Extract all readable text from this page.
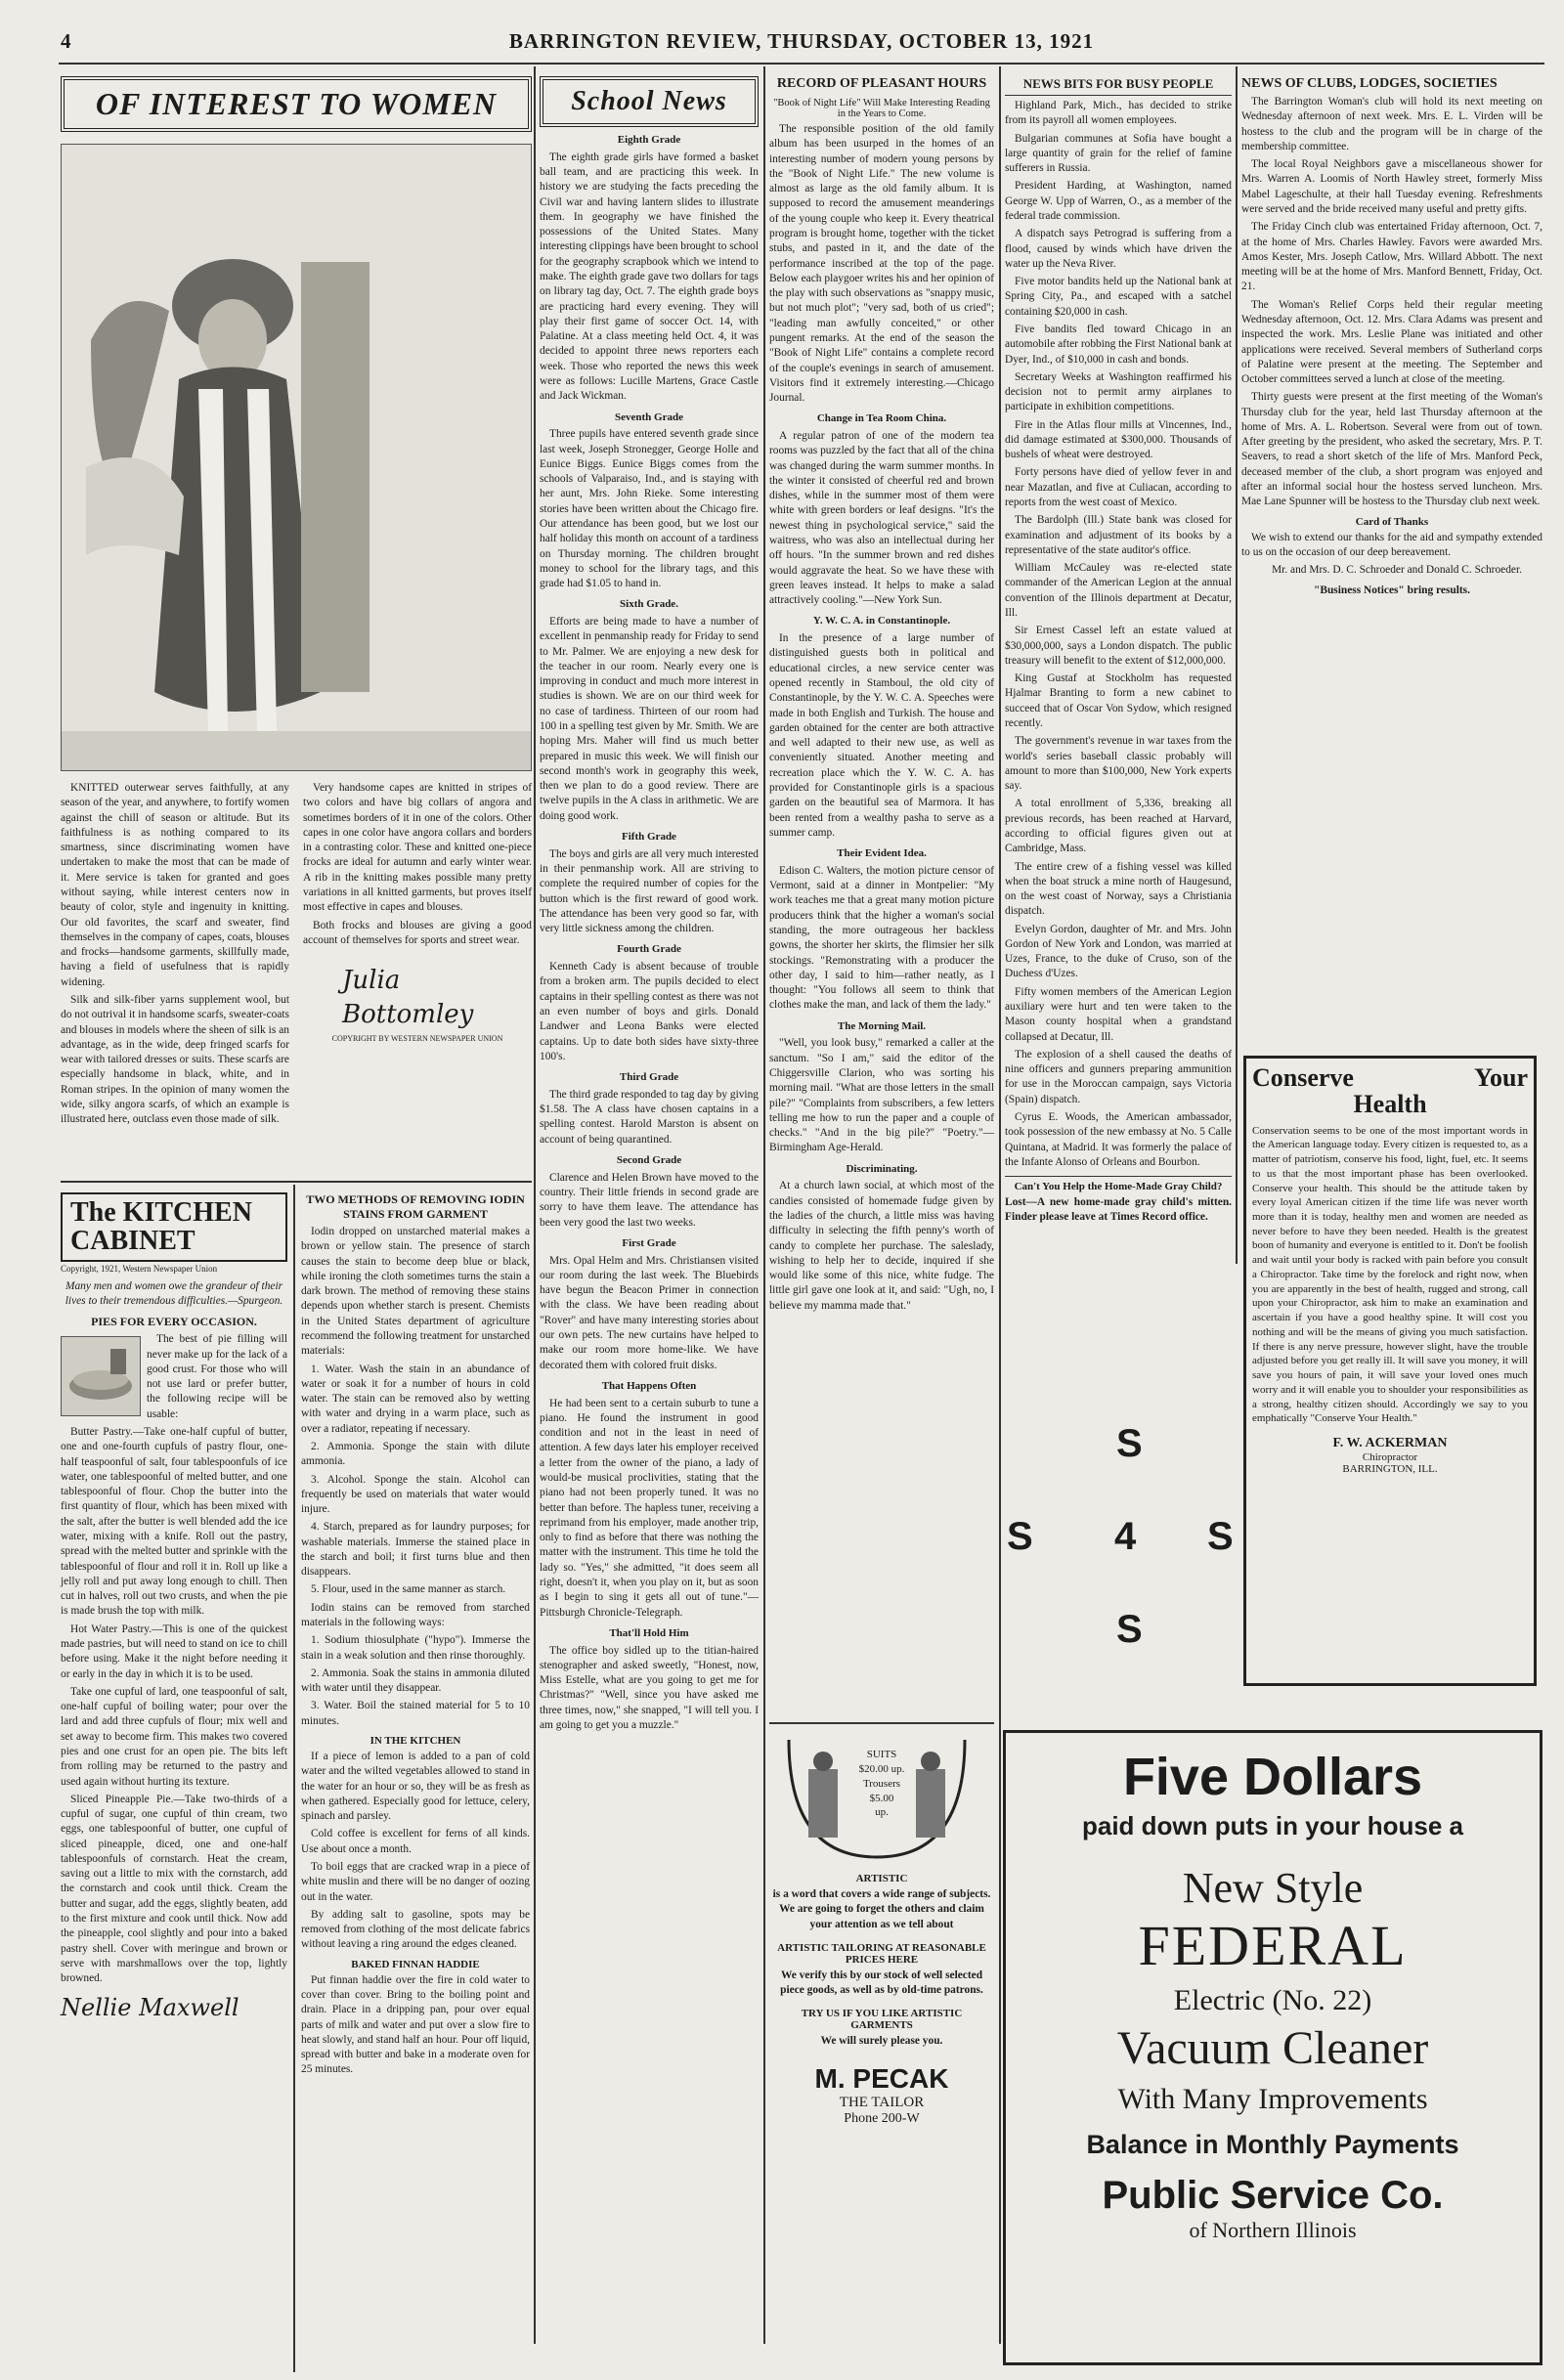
4	BARRINGTON REVIEW, THURSDAY, OCTOBER 13, 1921
OF INTEREST TO WOMEN

KNITTED outerwear serves faithfully, at any season of the year, and anywhere, to fortify women against the chill of season or altitude. But its faithfulness is as nothing compared to its smartness, since discriminating women have undertaken to make the most that can be made of it. Mere service is taken for granted and goes without saying, while interest centers now in beauty of color, style and ingenuity in knitting. Our old favorites, the scarf and sweater, find themselves in the company of capes, coats, blouses and frocks—handsome garments, skillfully made, having a field of usefulness that is rapidly widening.

Silk and silk-fiber yarns supplement wool, but do not outrival it in handsome scarfs, sweater-coats and blouses in models where the sheen of silk is an advantage, as in the wide, deep fringed scarfs for wear with tailored dresses or suits. These scarfs are especially handsome in black, white, and in Roman stripes. In the opinion of many women the wide, silky angora scarfs, of which an example is illustrated here, outclass even those made of silk.

Very handsome capes are knitted in stripes of two colors and have big collars of angora and sometimes borders of it in one of the colors. Other capes in one color have angora collars and borders in a contrasting color. These and knitted one-piece frocks are ideal for autumn and early winter wear. A rib in the knitting makes possible many pretty variations in all knitted garments, but proves itself most effective in capes and blouses.

Both frocks and blouses are giving a good account of themselves for sports and street wear.

Julia Bottomley
COPYRIGHT BY WESTERN NEWSPAPER UNION
The KITCHEN
CABINET
Copyright, 1921, Western Newspaper Union
Many men and women owe the grandeur of their lives to their tremendous difficulties.—Spurgeon.
PIES FOR EVERY OCCASION.

The best of pie filling will never make up for the lack of a good crust. For those who will not use lard or prefer butter, the following recipe will be usable:

Butter Pastry.—Take one-half cupful of butter, one and one-fourth cupfuls of pastry flour, one-half teaspoonful of salt, four tablespoonfuls of ice water, one tablespoonful of melted butter, and one tablespoonful of flour. Chop the butter into the first quantity of flour, which has been mixed with the salt, after the butter is well blended add the ice water, mixing with a knife. Roll out the pastry, spread with the melted butter and sprinkle with the tablespoonful of flour and roll it in. Roll up like a jelly roll and put away long enough to chill. Then cut in halves, roll out two crusts, and when the pie is made brush the top with milk.

Hot Water Pastry.—This is one of the quickest made pastries, but will need to stand on ice to chill before using. Make it the night before needing it or early in the day in which it is to be used.

Take one cupful of lard, one teaspoonful of salt, one-half cupful of boiling water; pour over the lard and add three cupfuls of flour; mix well and set away to become firm. This makes two covered pies and one crust for an open pie. The bits left from rolling may be returned to the pastry and used again without hurting its texture.

Sliced Pineapple Pie.—Take two-thirds of a cupful of sugar, one cupful of thin cream, two eggs, one tablespoonful of butter, one cupful of sliced pineapple, diced, one and one-half tablespoonfuls of cornstarch. Heat the cream, saving out a little to mix with the cornstarch, add the cornstarch and cook until thick. Cream the butter and sugar, add the eggs, slightly beaten, add to the first mixture and cook until thick. Now add the pineapple, cool slightly and pour into a baked pastry shell. Cover with meringue and brown or serve with marshmallows over the top, lightly browned.

Nellie Maxwell
TWO METHODS OF REMOVING IODIN STAINS FROM GARMENT

Iodin dropped on unstarched material makes a brown or yellow stain. The presence of starch causes the stain to become deep blue or black, while ironing the cloth sometimes turns the stain a dark brown. The method of removing these stains depends upon whether starch is present. Chemists in the United States department of agriculture recommend the following treatment for unstarched materials:

1. Water. Wash the stain in an abundance of water or soak it for a number of hours in cold water. The stain can be removed also by wetting with water and drying in a warm place, such as over a radiator, repeating if necessary.

2. Ammonia. Sponge the stain with dilute ammonia.

3. Alcohol. Sponge the stain. Alcohol can frequently be used on materials that water would injure.

4. Starch, prepared as for laundry purposes; for washable materials. Immerse the stained place in the starch and boil; it first turns blue and then disappears.

5. Flour, used in the same manner as starch.

Iodin stains can be removed from starched materials in the following ways:

1. Sodium thiosulphate ("hypo"). Immerse the stain in a weak solution and then rinse thoroughly.

2. Ammonia. Soak the stains in ammonia diluted with water until they disappear.

3. Water. Boil the stained material for 5 to 10 minutes.

IN THE KITCHEN

If a piece of lemon is added to a pan of cold water and the wilted vegetables allowed to stand in the water for an hour or so, they will be as fresh as when gathered. Especially good for lettuce, celery, spinach and parsley.

Cold coffee is excellent for ferns of all kinds. Use about once a month.

To boil eggs that are cracked wrap in a piece of white muslin and there will be no danger of oozing out in the water.

By adding salt to gasoline, spots may be removed from clothing of the most delicate fabrics without leaving a ring around the edges cleaned.

BAKED FINNAN HADDIE

Put finnan haddie over the fire in cold water to cover than cover. Bring to the boiling point and drain. Place in a dripping pan, pour over equal parts of milk and water and put over a slow fire to heat slowly, and stand half an hour. Pour off liquid, spread with butter and bake in a moderate oven for 25 minutes.

School News
Eighth Grade

The eighth grade girls have formed a basket ball team, and are practicing this week. In history we are studying the facts preceding the Civil war and having lantern slides to illustrate them. In geography we have finished the possessions of the United States. Many interesting clippings have been brought to school for the geography scrapbook which we intend to make. The eighth grade gave two dollars for tags on library tag day, Oct. 7. The eighth grade boys are practicing hard every evening. They will play their first game of soccer Oct. 14, with Palatine. At a class meeting held Oct. 4, it was decided to appoint three news reporters each week. Those who reported the news this week were as follows: Lucille Martens, Grace Castle and Jack Wickman.

Seventh Grade

Three pupils have entered seventh grade since last week, Joseph Stronegger, George Holle and Eunice Biggs. Eunice Biggs comes from the schools of Valparaiso, Ind., and is staying with her aunt, Mrs. John Rieke. Some interesting stories have been written about the Chicago fire. Our attendance has been good, but we lost our half holiday this month on account of a tardiness on Thursday morning. The children brought money to school for the library tags, and this grade had $1.05 to hand in.

Sixth Grade.

Efforts are being made to have a number of excellent in penmanship ready for Friday to send to Mr. Palmer. We are enjoying a new desk for the teacher in our room. Nearly every one is improving in conduct and much more interest in studies is shown. We are on our third week for no case of tardiness. Thirteen of our room had 100 in a spelling test given by Mr. Smith. We are hoping Mrs. Maher will find us much better prepared in music this week. We will finish our second month's work in geography this week, then we plan to do a good review. There are twelve pupils in the A class in arithmetic. We are doing good work.

Fifth Grade

The boys and girls are all very much interested in their penmanship work. All are striving to complete the required number of copies for the button which is the first reward of good work. The attendance has been very good so far, with very little sickness among the children.

Fourth Grade

Kenneth Cady is absent because of trouble from a broken arm. The pupils decided to elect captains in their spelling contest as there was not an even number of boys and girls. Donald Landwer and Leona Banks were elected captains. Up to date both sides have sixty-three 100's.

Third Grade

The third grade responded to tag day by giving $1.58. The A class have chosen captains in a spelling contest. Harold Marston is absent on account of being quarantined.

Second Grade

Clarence and Helen Brown have moved to the country. Their little friends in second grade are sorry to have them leave. The attendance has been very good the last two weeks.

First Grade

Mrs. Opal Helm and Mrs. Christiansen visited our room during the last week. The Bluebirds have begun the Beacon Primer in connection with the class. We have been reading about "Rover" and have many interesting stories about our own pets. The new curtains have helped to make our room more home-like. We have decorated them with colored fruit disks.

That Happens Often

He had been sent to a certain suburb to tune a piano. He found the instrument in good condition and not in the least in need of attention. A few days later his employer received a letter from the owner of the piano, a lady of would-be musical proclivities, stating that the piano had not been properly tuned. It was no better than before. The hapless tuner, receiving a reprimand from his employer, made another trip, only to find as before that there was nothing the matter with the instrument. This time he told the lady so. "Yes," she admitted, "it does seem all right, doesn't it, when you play on it, but as soon as I begin to sing it gets all out of tune."—Pittsburgh Chronicle-Telegraph.

That'll Hold Him

The office boy sidled up to the titian-haired stenographer and asked sweetly, "Honest, now, Miss Estelle, what are you going to get me for Christmas?" "Well, since you have asked me three times, now," she snapped, "I will tell you. I am going to get you a muzzle."

RECORD OF PLEASANT HOURS
"Book of Night Life" Will Make Interesting Reading in the Years to Come.

The responsible position of the old family album has been usurped in the homes of an interesting number of modern young persons by the "Book of Night Life." The new volume is almost as large as the old family album. It is supposed to record the amusement meanderings of the young couple who keep it. Every theatrical program is brought home, together with the ticket stubs, and pasted in it, and the date of the performance inscribed at the top of the page. Below each playgoer writes his and her opinion of the play with such observations as "snappy music, but not much plot"; "very sad, both of us cried"; "leading man awfully conceited," or other pungent remarks. At the end of the season the "Book of Night Life" contains a complete record of the couple's evenings in search of amusement. Visitors find it extremely interesting.—Chicago Journal.

Change in Tea Room China.

A regular patron of one of the modern tea rooms was puzzled by the fact that all of the china was changed during the warm summer months. In the winter it consisted of cheerful red and brown dishes, while in the summer most of them were white with green borders or leaf designs. "It's the newest thing in psychological service," said the waitress, who was also an intellectual during her off hours. "In the summer brown and red dishes would aggravate the heat. So we have these with green leaves instead. It helps to make a salad attractively cooling."—New York Sun.

Y. W. C. A. in Constantinople.

In the presence of a large number of distinguished guests both in political and educational circles, a new service center was opened recently in Stamboul, the old city of Constantinople, by the Y. W. C. A. Speeches were made in both English and Turkish. The house and garden obtained for the center are both attractive and well adapted to their new use, as well as conveniently situated. Another meeting and recreation place which the Y. W. C. A. has provided for Constantinople girls is a spacious garden on the beautiful sea of Marmora. It has been rented from a wealthy pasha to serve as a summer camp.

Their Evident Idea.

Edison C. Walters, the motion picture censor of Vermont, said at a dinner in Montpelier: "My work teaches me that a great many motion picture producers think that the higher a woman's social standing, the more outrageous her backless gowns, the shorter her skirts, the flimsier her silk stockings. "Remonstrating with a producer the other day, I said to him—rather neatly, as I thought: "You follows all seem to think that clothes make the man, and lack of them the lady."

The Morning Mail.

"Well, you look busy," remarked a caller at the sanctum. "So I am," said the editor of the Chiggersville Clarion, who was sorting his morning mail. "What are those letters in the small pile?" "Complaints from subscribers, a few letters telling me how to run the paper and a couple of checks." "And in the big pile?" "Poetry."—Birmingham Age-Herald.

Discriminating.

At a church lawn social, at which most of the candies consisted of homemade fudge given by the ladies of the church, a little miss was having difficulty in selecting the fifth penny's worth of candy to complete her purchase. The saleslady, wishing to help her to decide, inquired if she would like some of this nice, white fudge. The little girl gave one look at it, and said: "Ugh, no, I believe my mamma made that."

SUITS
$20.00 up.
Trousers
$5.00
up.
ARTISTIC
is a word that covers a wide range of subjects. We are going to forget the others and claim your attention as we tell about
ARTISTIC TAILORING AT REASONABLE PRICES HERE
We verify this by our stock of well selected piece goods, as well as by old-time patrons.
TRY US IF YOU LIKE ARTISTIC GARMENTS
We will surely please you.
M. PECAK
THE TAILOR
Phone 200-W
NEWS BITS FOR BUSY PEOPLE

Highland Park, Mich., has decided to strike from its payroll all women employees.

Bulgarian communes at Sofia have bought a large quantity of grain for the relief of famine sufferers in Russia.

President Harding, at Washington, named George W. Upp of Warren, O., as a member of the federal trade commission.

A dispatch says Petrograd is suffering from a flood, caused by winds which have driven the water up the Neva River.

Five motor bandits held up the National bank at Spring City, Pa., and escaped with a satchel containing $20,000 in cash.

Five bandits fled toward Chicago in an automobile after robbing the First National bank at Dyer, Ind., of $10,000 in cash and bonds.

Secretary Weeks at Washington reaffirmed his decision not to permit army airplanes to participate in exhibition competitions.

Fire in the Atlas flour mills at Vincennes, Ind., did damage estimated at $300,000. Thousands of bushels of wheat were destroyed.

Forty persons have died of yellow fever in and near Mazatlan, and five at Culiacan, according to reports from the west coast of Mexico.

The Bardolph (Ill.) State bank was closed for examination and adjustment of its books by a representative of the state auditor's office.

William McCauley was re-elected state commander of the American Legion at the annual convention of the Illinois department at Decatur, Ill.

Sir Ernest Cassel left an estate valued at $30,000,000, says a London dispatch. The public treasury will benefit to the extent of $12,000,000.

King Gustaf at Stockholm has requested Hjalmar Branting to form a new cabinet to succeed that of Oscar Von Sydow, which resigned recently.

The government's revenue in war taxes from the world's series baseball classic probably will amount to more than $100,000, New York experts say.

A total enrollment of 5,336, breaking all previous records, has been reached at Harvard, according to official figures given out at Cambridge, Mass.

The entire crew of a fishing vessel was killed when the boat struck a mine north of Haugesund, on the west coast of Norway, says a Christiania dispatch.

Evelyn Gordon, daughter of Mr. and Mrs. John Gordon of New York and London, was married at Uzes, France, to the duke of Cruso, son of the Duchess d'Uzes.

Fifty women members of the American Legion auxiliary were hurt and ten were taken to the Mason county hospital when a grandstand collapsed at Decatur, Ill.

The explosion of a shell caused the deaths of nine officers and gunners preparing ammunition for use in the Moroccan campaign, says Victoria (Spain) dispatch.

Cyrus E. Woods, the American ambassador, took possession of the new embassy at No. 5 Calle Quintana, at Madrid. It was formerly the palace of the Infante Alonso of Orleans and Bourbon.

Can't You Help the Home-Made Gray Child?
Lost—A new home-made gray child's mitten. Finder please leave at Times Record office.
NEWS OF CLUBS, LODGES, SOCIETIES

The Barrington Woman's club will hold its next meeting on Wednesday afternoon of next week. Mrs. E. L. Virden will be hostess to the club and the program will be in charge of the membership committee.

The local Royal Neighbors gave a miscellaneous shower for Mrs. Warren A. Loomis of North Hawley street, formerly Miss Mabel Lageschulte, at their hall Tuesday evening. Refreshments were served and the bride received many useful and pretty gifts.

The Friday Cinch club was entertained Friday afternoon, Oct. 7, at the home of Mrs. Charles Hawley. Favors were awarded Mrs. Amos Kester, Mrs. Joseph Catlow, Mrs. Willard Abbott. The next meeting will be at the home of Mrs. Manford Bennett, Friday, Oct. 21.

The Woman's Relief Corps held their regular meeting Wednesday afternoon, Oct. 12. Mrs. Clara Adams was present and inspected the work. Mrs. Leslie Plane was initiated and other applications were received. Several members of Sutherland corps of Palatine were present at the meeting. The September and October committees served a lunch at close of the meeting.

Thirty guests were present at the first meeting of the Woman's Thursday club for the year, held last Thursday afternoon at the home of Mrs. A. L. Robertson. Several were from out of town. After greeting by the president, who asked the secretary, Mrs. P. T. Seavers, to read a short sketch of the life of Mrs. Manford Peck, deceased member of the club, a short program was enjoyed and after an informal social hour the hostess served luncheon. Mrs. Mae Lane Spunner will be hostess to the Thursday club next week.

Card of Thanks

We wish to extend our thanks for the aid and sympathy extended to us on the occasion of our deep bereavement.

Mr. and Mrs. D. C. Schroeder and Donald C. Schroeder.

"Business Notices" bring results.
Conserve	Your
Health
Conservation seems to be one of the most important words in the American language today. Every citizen is requested to, as a matter of patriotism, conserve his food, light, fuel, etc. It seems to us that the most important phase has been overlooked. Conserve your health. This should be the attitude taken by every loyal American citizen if the time life was never worth more than it is today, healthy men and women are needed as never before to have they been needed. Health is the greatest boon of humanity and everyone is entitled to it. Don't be foolish and wait until your body is racked with pain before you consult a Chiropractor. Take time by the forelock and right now, when you are apparently in the best of health, rugged and strong, call upon your Chiropractor, ask him to make an examination and ascertain if you have a good healthy spine. It will cost you nothing and will be the means of giving you much satisfaction. If there is any nerve pressure, however slight, have the trouble adjusted before you get really ill. It will save you money, it will save you hours of pain, it will save your loved ones much worry and it will enable you to shoulder your responsibilities as a strong, healthy citizen should. Accordingly we say to you emphatically "Conserve Your Health."
F. W. ACKERMAN
Chiropractor
BARRINGTON, ILL.
S
S 4 S
S
Five Dollars
paid down puts in your house a
New Style
FEDERAL
Electric (No. 22)
Vacuum Cleaner
With Many Improvements
Balance in Monthly Payments
Public Service Co.
of Northern Illinois
